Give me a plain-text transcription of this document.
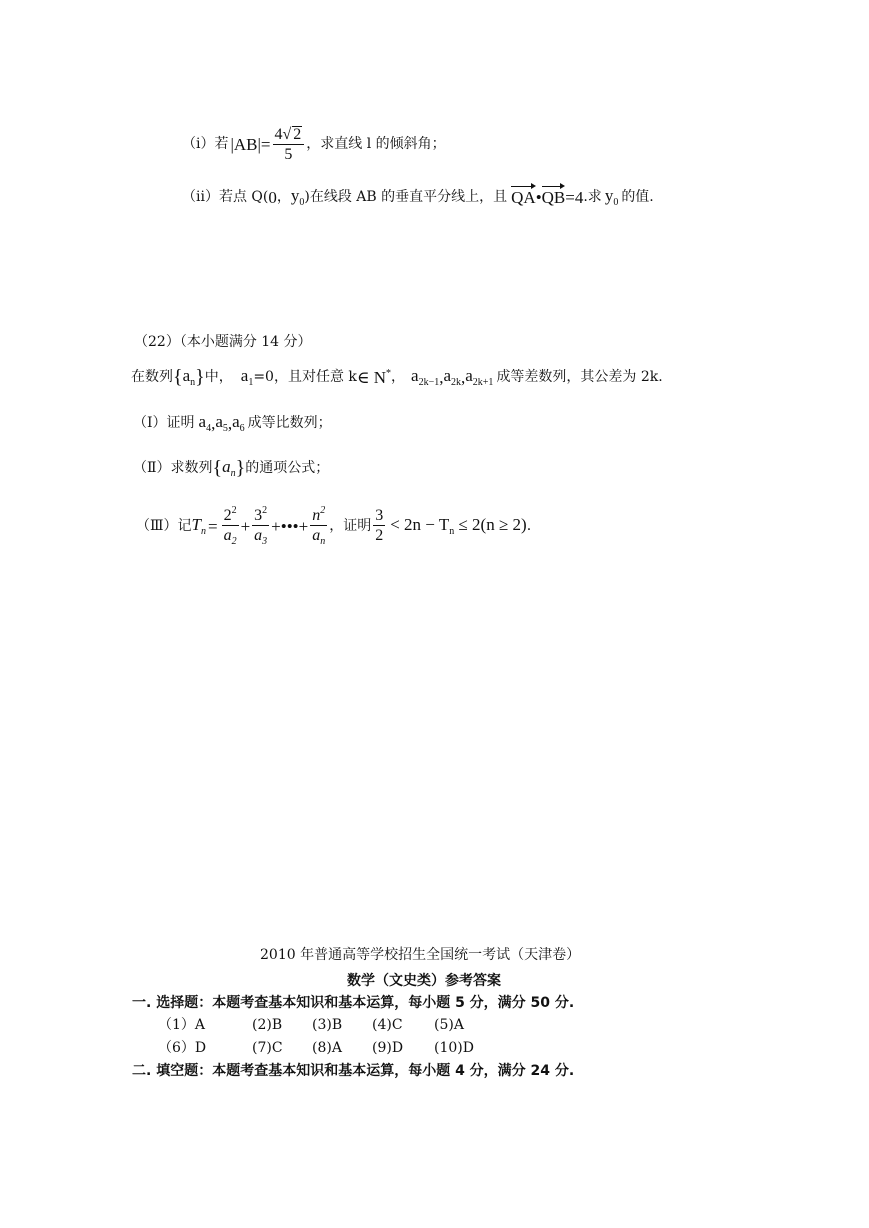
（i）若 $|AB| = \frac{4√ 2}{5}$ ，求直线 l 的倾斜角；
（ii）若点 Q( 0 ， $y_0$ )在线段 AB 的垂直平分线上，且 QA • QB =4 .求 $y_0$ 的值.
（22）（本小题满分 14 分）
在数列 { $a_n$ } 中， $a_1 =0$，且对任意 k ∈ N* ， $a_{2k-1}$ , $a_{2k}$ , $a_{2k+1}$ 成等差数列，其公差为 2k.
（Ⅰ）证明 $a_4$ , $a_5$ , $a_6$ 成等比数列；
（Ⅱ）求数列 { $a_n$ } 的通项公式；
（Ⅲ）记 $T_n = \frac{2^2}{a_2} + \frac{3^2}{a_3}$ +•••+ $\frac{n^2}{a_n}$ ，证明 $\frac{3}{2} < 2n - T_n \le 2(n \ge 2)$ .
2010 年普通高等学校招生全国统一考试（天津卷）
数学（文史类）参考答案
一. 选择题：本题考查基本知识和基本运算，每小题 5 分，满分 50 分.
（1）A	(2)B (3)B (4)C (5)A
（6）D	(7)C (8)A (9)D (10)D
二. 填空题：本题考查基本知识和基本运算，每小题 4 分，满分 24 分.
